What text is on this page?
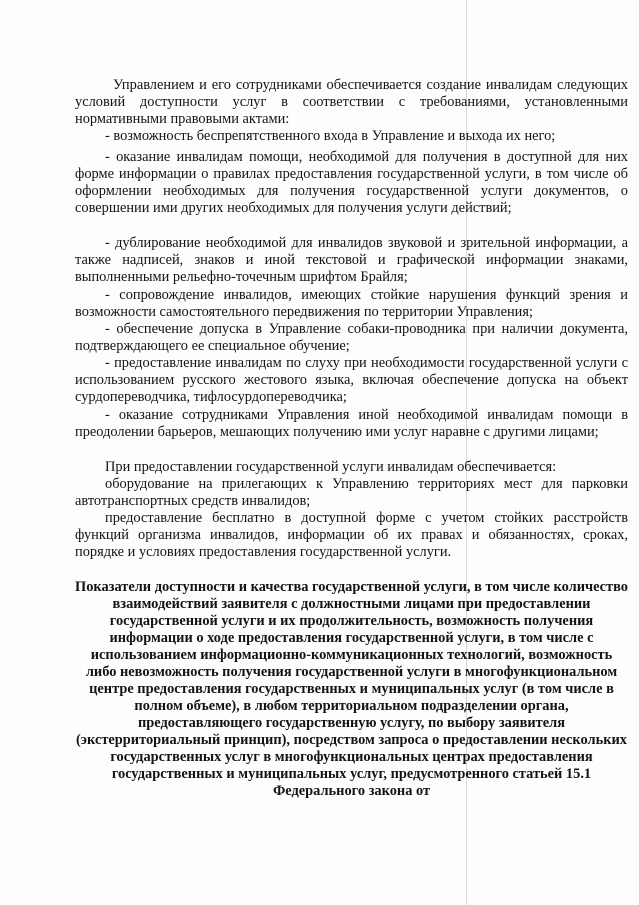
Управлением и его сотрудниками обеспечивается создание инвалидам следующих условий доступности услуг в соответствии с требованиями, установленными нормативными правовыми актами:

- возможность беспрепятственного входа в Управление и выхода их него;

- оказание инвалидам помощи, необходимой для получения в доступной для них форме информации о правилах предоставления государственной услуги, в том числе об оформлении необходимых для получения государственной услуги документов, о совершении ими других необходимых для получения услуги действий;

- дублирование необходимой для инвалидов звуковой и зрительной информации, а также надписей, знаков и иной текстовой и графической информации знаками, выполненными рельефно-точечным шрифтом Брайля;

- сопровождение инвалидов, имеющих стойкие нарушения функций зрения и возможности самостоятельного передвижения по территории Управления;

- обеспечение допуска в Управление собаки-проводника при наличии документа, подтверждающего ее специальное обучение;

- предоставление инвалидам по слуху при необходимости государственной услуги с использованием русского жестового языка, включая обеспечение допуска на объект сурдопереводчика, тифлосурдопереводчика;

- оказание сотрудниками Управления иной необходимой инвалидам помощи в преодолении барьеров, мешающих получению ими услуг наравне с другими лицами;

При предоставлении государственной услуги инвалидам обеспечивается:

оборудование на прилегающих к Управлению территориях мест для парковки автотранспортных средств инвалидов;

предоставление бесплатно в доступной форме с учетом стойких расстройств функций организма инвалидов, информации об их правах и обязанностях, сроках, порядке и условиях предоставления государственной услуги.

Показатели доступности и качества государственной услуги, в том числе количество взаимодействий заявителя с должностными лицами при предоставлении государственной услуги и их продолжительность, возможность получения информации о ходе предоставления государственной услуги, в том числе с использованием информационно-коммуникационных технологий, возможность либо невозможность получения государственной услуги в многофункциональном центре предоставления государственных и муниципальных услуг (в том числе в полном объеме), в любом территориальном подразделении органа, предоставляющего государственную услугу, по выбору заявителя (экстерриториальный принцип), посредством запроса о предоставлении нескольких государственных услуг в многофункциональных центрах предоставления государственных и муниципальных услуг, предусмотренного статьей 15.1 Федерального закона от
